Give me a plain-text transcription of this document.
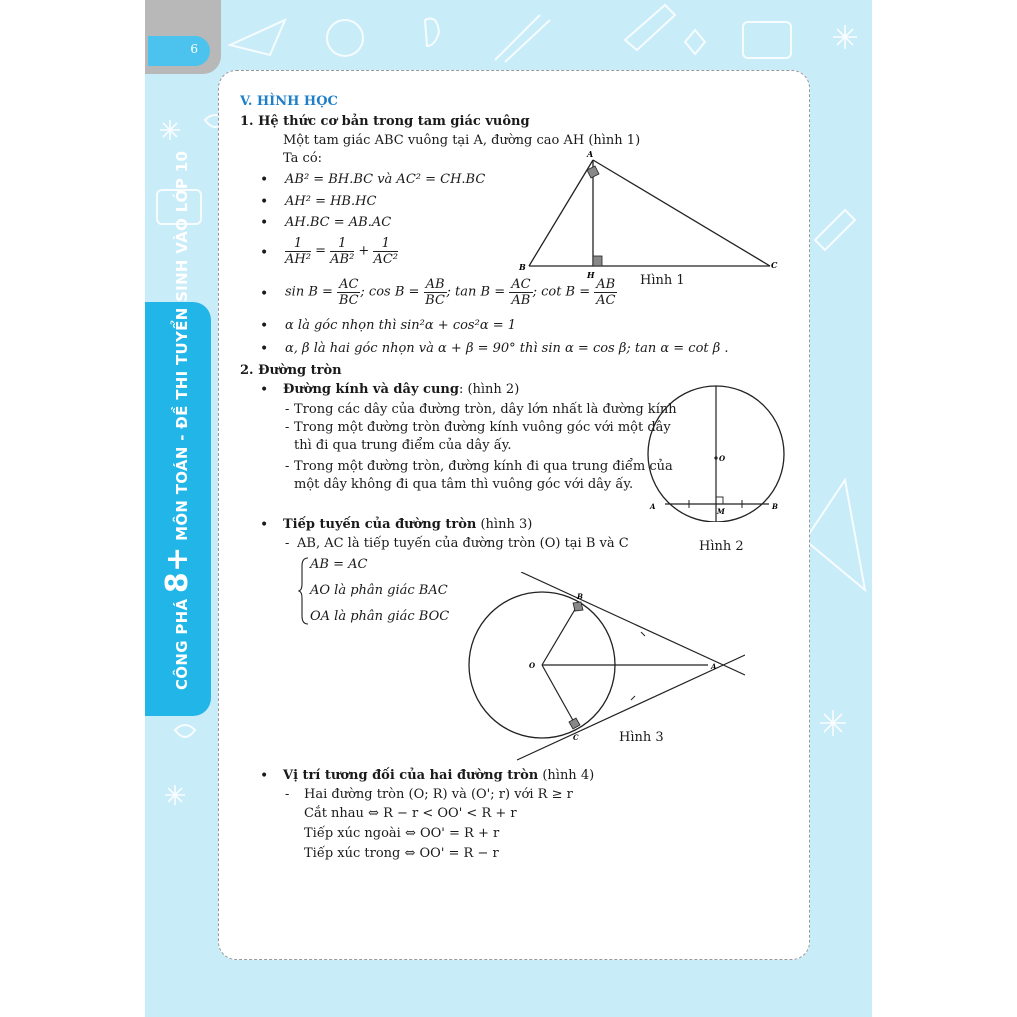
6
CÔNG PHÁ 8+ MÔN TOÁN - ĐỀ THI TUYỂN SINH VÀO LỚP 10
V. HÌNH HỌC
1. Hệ thức cơ bản trong tam giác vuông
Một tam giác ABC vuông tại A, đường cao AH (hình 1)
Ta có:
• AB² = BH.BC và AC² = CH.BC
• AH² = HB.HC
• AH.BC = AB.AC
• $\frac{1}{\text{AH²}} = \frac{1}{\text{AB²}} + \frac{1}{\text{AC²}}$
• $\sin B = \frac{AC}{BC}$ ; $\cos B = \frac{AB}{BC}$ ; $\tan B = \frac{AC}{AB}$ ; $\cot B = \frac{AB}{AC}$
• α là góc nhọn thì sin²α + cos²α = 1
• α, β là hai góc nhọn và α + β = 90° thì sin α = cos β; tan α = cot β .
A
B	C
H	Hình 1
2. Đường tròn
• Đường kính và dây cung: (hình 2)
- Trong các dây của đường tròn, dây lớn nhất là đường kính
- Trong một đường tròn đường kính vuông góc với một dây
thì đi qua trung điểm của dây ấy.
- Trong một đường tròn, đường kính đi qua trung điểm của
một dây không đi qua tâm thì vuông góc với dây ấy.
O
A	B
M
Hình 2
• Tiếp tuyến của đường tròn (hình 3)
- AB, AC là tiếp tuyến của đường tròn (O) tại B và C
AB = AC
AO là phân giác BAC
OA là phân giác BOC
O	A
B
C	Hình 3
• Vị trí tương đối của hai đường tròn (hình 4)
- Hai đường tròn (O; R) và (O'; r) với R ≥ r
Cắt nhau ⇔ R − r < OO' < R + r
Tiếp xúc ngoài ⇔ OO' = R + r
Tiếp xúc trong ⇔ OO' = R − r
